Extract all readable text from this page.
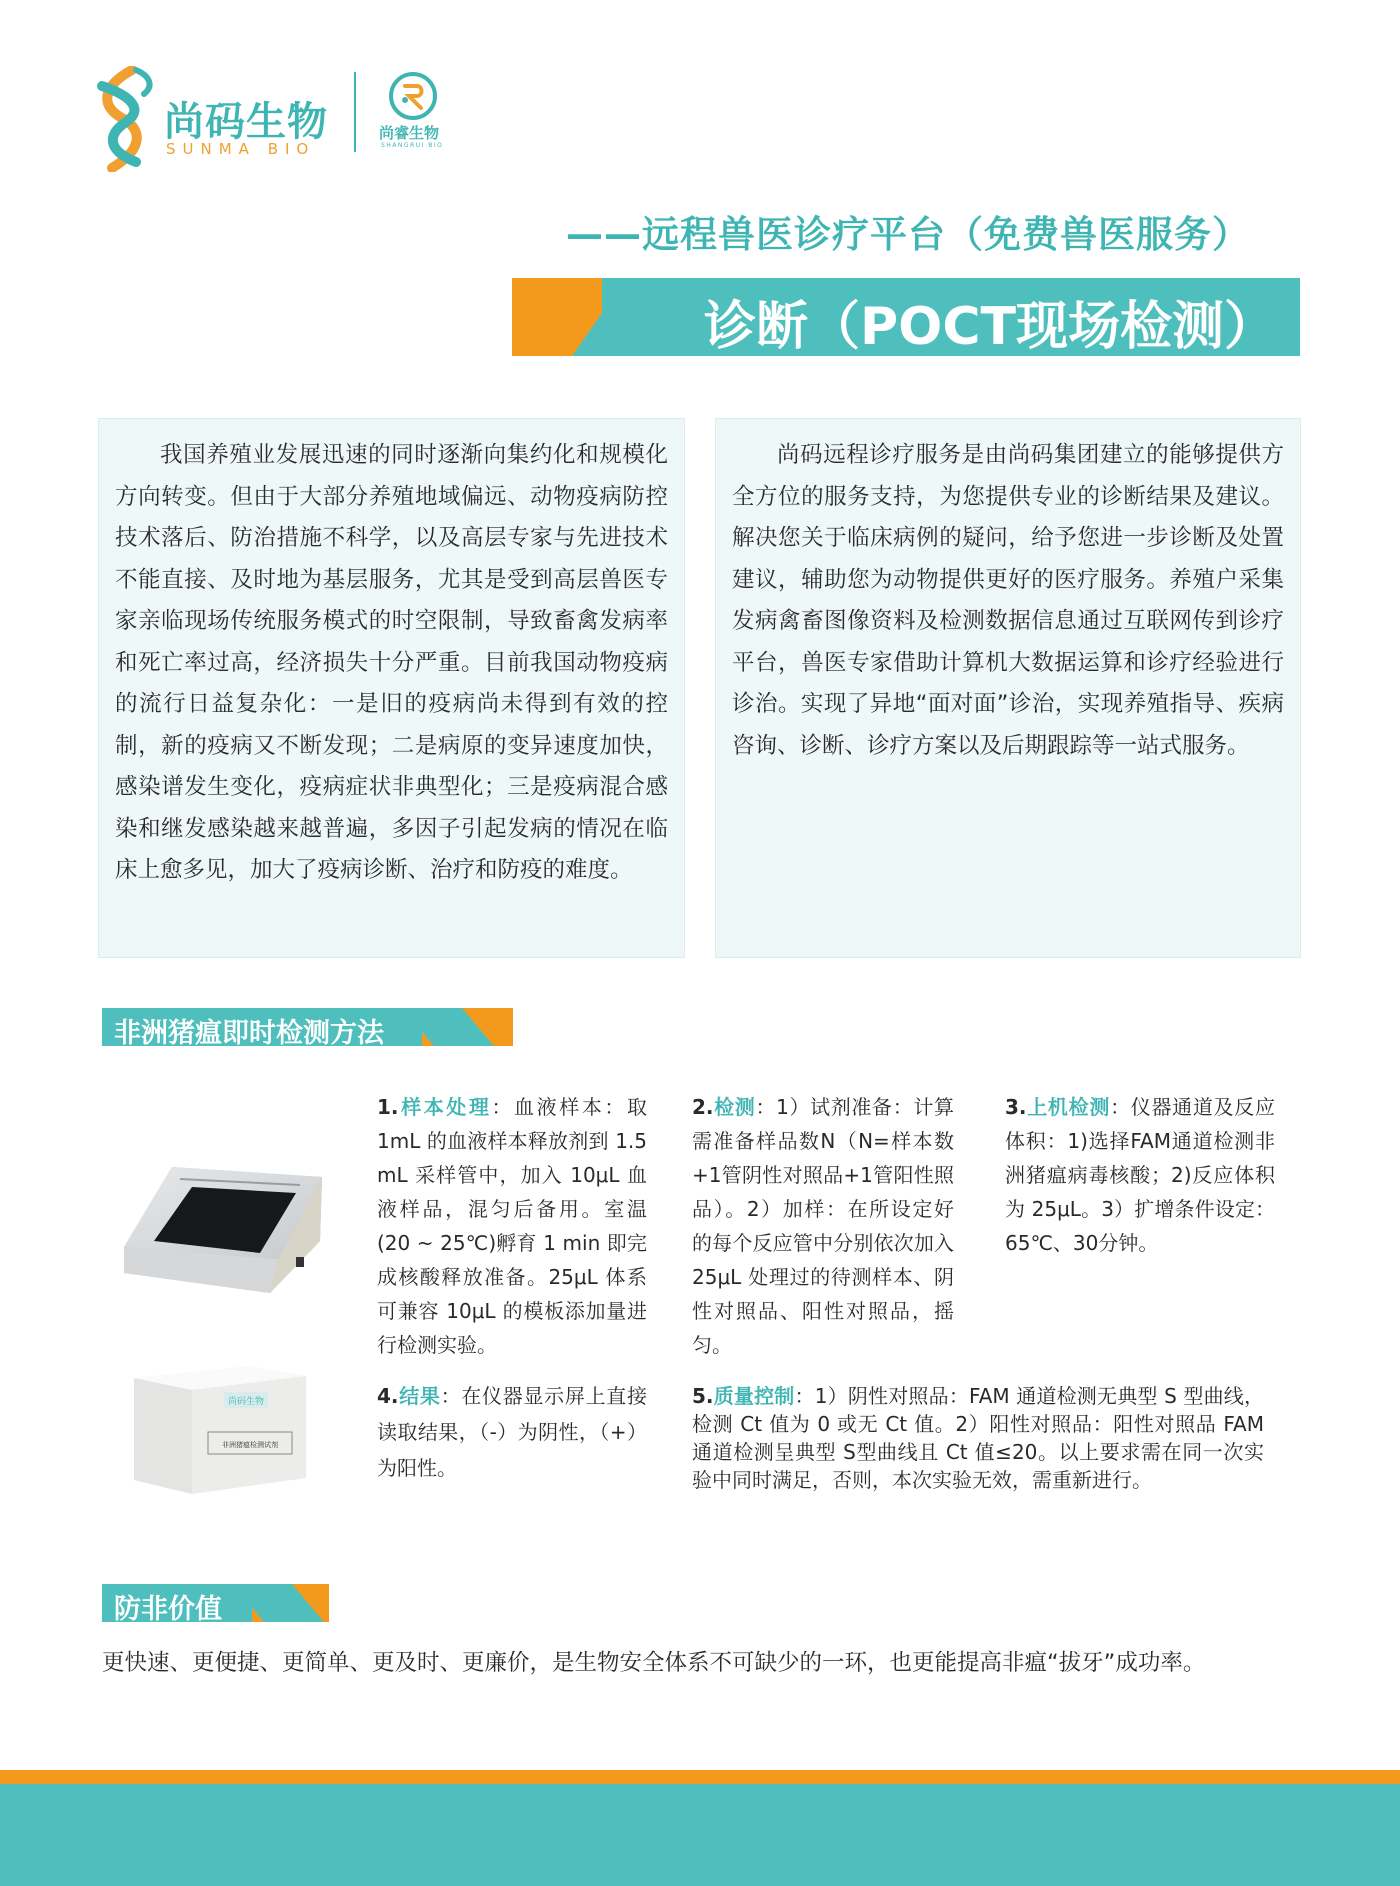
尚码生物
SUNMA BIO
尚睿生物
SHANGRUI BIO
——远程兽医诊疗平台（免费兽医服务）
诊断（POCT现场检测）

我国养殖业发展迅速的同时逐渐向集约化和规模化方向转变。但由于大部分养殖地域偏远、动物疫病防控技术落后、防治措施不科学，以及高层专家与先进技术不能直接、及时地为基层服务，尤其是受到高层兽医专家亲临现场传统服务模式的时空限制，导致畜禽发病率和死亡率过高，经济损失十分严重。目前我国动物疫病的流行日益复杂化：一是旧的疫病尚未得到有效的控制，新的疫病又不断发现；二是病原的变异速度加快，感染谱发生变化，疫病症状非典型化；三是疫病混合感染和继发感染越来越普遍，多因子引起发病的情况在临床上愈多见，加大了疫病诊断、治疗和防疫的难度。

尚码远程诊疗服务是由尚码集团建立的能够提供方全方位的服务支持，为您提供专业的诊断结果及建议。解决您关于临床病例的疑问，给予您进一步诊断及处置建议，辅助您为动物提供更好的医疗服务。养殖户采集发病禽畜图像资料及检测数据信息通过互联网传到诊疗平台，兽医专家借助计算机大数据运算和诊疗经验进行诊治。实现了异地“面对面”诊治，实现养殖指导、疾病咨询、诊断、诊疗方案以及后期跟踪等一站式服务。

非洲猪瘟即时检测方法
尚码生物
非洲猪瘟检测试剂
1.样本处理：血液样本：取 1mL 的血液样本释放剂到 1.5 mL 采样管中，加入 10μL 血液样品，混匀后备用。室温(20 ~ 25℃)孵育 1 min 即完成核酸释放准备。25μL 体系可兼容 10μL 的模板添加量进行检测实验。
2.检测：1）试剂准备：计算需准备样品数N（N=样本数+1管阴性对照品+1管阳性照品）。2）加样：在所设定好的每个反应管中分别依次加入25μL 处理过的待测样本、阴性对照品、阳性对照品，摇匀。
3.上机检测：仪器通道及反应体积：1)选择FAM通道检测非洲猪瘟病毒核酸；2)反应体积为 25μL。3）扩增条件设定：65℃、30分钟。
4.结果：在仪器显示屏上直接读取结果，（-）为阴性，（+）为阳性。
5.质量控制：1）阴性对照品：FAM 通道检测无典型 S 型曲线，检测 Ct 值为 0 或无 Ct 值。2）阳性对照品：阳性对照品 FAM 通道检测呈典型 S型曲线且 Ct 值≤20。以上要求需在同一次实验中同时满足，否则，本次实验无效，需重新进行。
防非价值
更快速、更便捷、更简单、更及时、更廉价，是生物安全体系不可缺少的一环，也更能提高非瘟“拔牙”成功率。
